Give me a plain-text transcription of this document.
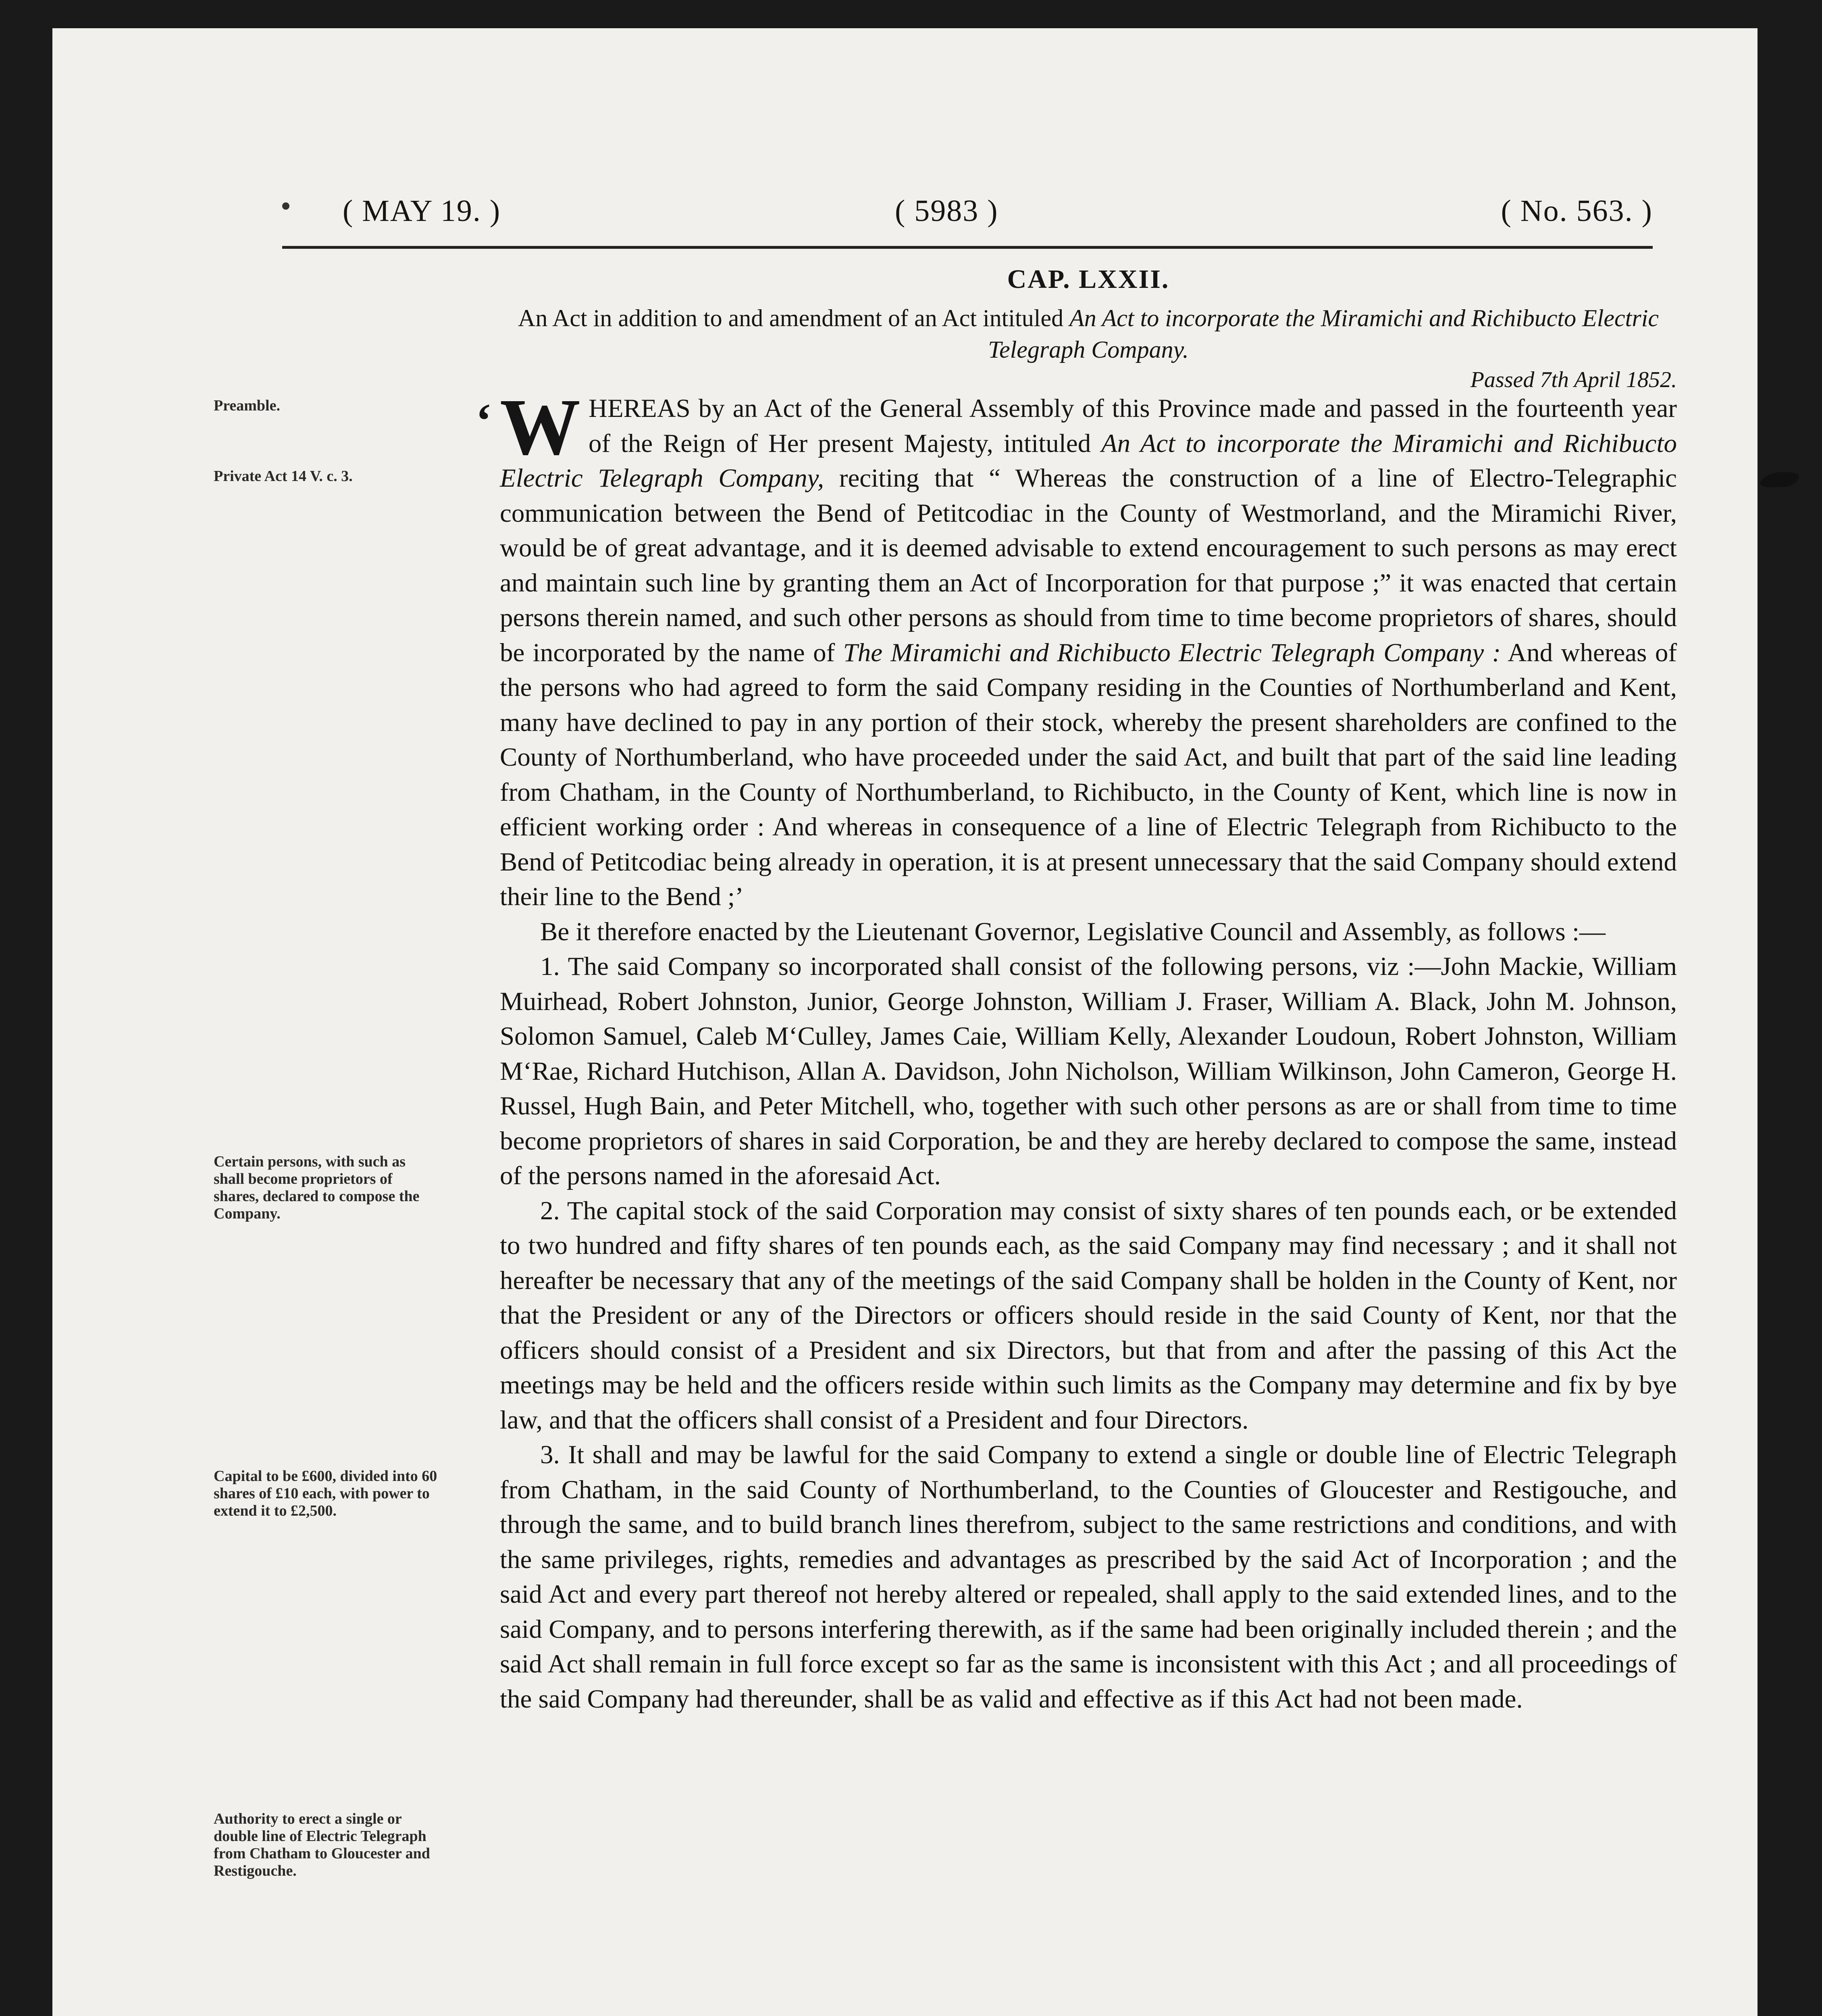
( MAY 19. )	( 5983 )	( No. 563. )
CAP. LXXII.
An Act in addition to and amendment of an Act intituled An Act to incorporate the Miramichi and Richibucto Electric Telegraph Company.
Passed 7th April 1852.
Preamble.
Private Act 14 V. c. 3.
Certain persons, with such as shall become proprietors of shares, declared to compose the Company.
Capital to be £600, divided into 60 shares of £10 each, with power to extend it to £2,500.
Authority to erect a single or double line of Electric Telegraph from Chatham to Gloucester and Restigouche.

‘ W HEREAS by an Act of the General Assembly of this Province made and passed in the fourteenth year of the Reign of Her present Majesty, intituled An Act to incorporate the Miramichi and Richibucto Electric Telegraph Company, reciting that “ Whereas the construction of a line of Electro-Telegraphic communication between the Bend of Petitcodiac in the County of Westmorland, and the Miramichi River, would be of great advantage, and it is deemed advisable to extend encouragement to such persons as may erect and maintain such line by granting them an Act of Incorporation for that purpose ;” it was enacted that certain persons therein named, and such other persons as should from time to time become proprietors of shares, should be incorporated by the name of The Miramichi and Richibucto Electric Telegraph Company : And whereas of the persons who had agreed to form the said Company residing in the Counties of Northumberland and Kent, many have declined to pay in any portion of their stock, whereby the present shareholders are confined to the County of Northumberland, who have proceeded under the said Act, and built that part of the said line leading from Chatham, in the County of Northumberland, to Richibucto, in the County of Kent, which line is now in efficient working order : And whereas in consequence of a line of Electric Telegraph from Richibucto to the Bend of Petitcodiac being already in operation, it is at present unnecessary that the said Company should extend their line to the Bend ;’

Be it therefore enacted by the Lieutenant Governor, Legislative Council and Assembly, as follows :—

1. The said Company so incorporated shall consist of the following persons, viz :—John Mackie, William Muirhead, Robert Johnston, Junior, George Johnston, William J. Fraser, William A. Black, John M. Johnson, Solomon Samuel, Caleb M‘Culley, James Caie, William Kelly, Alexander Loudoun, Robert Johnston, William M‘Rae, Richard Hutchison, Allan A. Davidson, John Nicholson, William Wilkinson, John Cameron, George H. Russel, Hugh Bain, and Peter Mitchell, who, together with such other persons as are or shall from time to time become proprietors of shares in said Corporation, be and they are hereby declared to compose the same, instead of the persons named in the aforesaid Act.

2. The capital stock of the said Corporation may consist of sixty shares of ten pounds each, or be extended to two hundred and fifty shares of ten pounds each, as the said Company may find necessary ; and it shall not hereafter be necessary that any of the meetings of the said Company shall be holden in the County of Kent, nor that the President or any of the Directors or officers should reside in the said County of Kent, nor that the officers should consist of a President and six Directors, but that from and after the passing of this Act the meetings may be held and the officers reside within such limits as the Company may determine and fix by bye law, and that the officers shall consist of a President and four Directors.

3. It shall and may be lawful for the said Company to extend a single or double line of Electric Telegraph from Chatham, in the said County of Northumberland, to the Counties of Gloucester and Restigouche, and through the same, and to build branch lines therefrom, subject to the same restrictions and conditions, and with the same privileges, rights, remedies and advantages as prescribed by the said Act of Incorporation ; and the said Act and every part thereof not hereby altered or repealed, shall apply to the said extended lines, and to the said Company, and to persons interfering therewith, as if the same had been originally included therein ; and the said Act shall remain in full force except so far as the same is inconsistent with this Act ; and all proceedings of the said Company had thereunder, shall be as valid and effective as if this Act had not been made.
